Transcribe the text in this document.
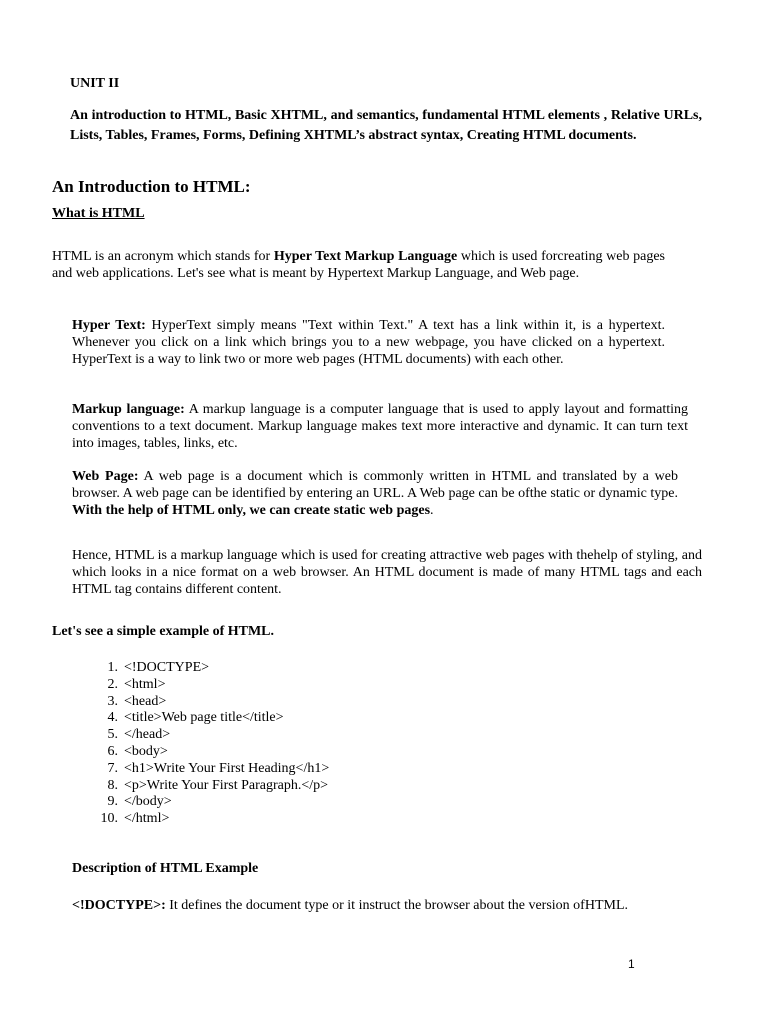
UNIT II

An introduction to HTML, Basic XHTML, and semantics, fundamental HTML elements , Relative URLs, Lists, Tables, Frames, Forms, Defining XHTML’s abstract syntax, Creating HTML documents.

An Introduction to HTML:

What is HTML

HTML is an acronym which stands for Hyper Text Markup Language which is used forcreating web pages and web applications. Let's see what is meant by Hypertext Markup Language, and Web page.

Hyper Text: HyperText simply means "Text within Text." A text has a link within it, is a hypertext. Whenever you click on a link which brings you to a new webpage, you have clicked on a hypertext. HyperText is a way to link two or more web pages (HTML documents) with each other.

Markup language: A markup language is a computer language that is used to apply layout and formatting conventions to a text document. Markup language makes text more interactive and dynamic. It can turn text into images, tables, links, etc.

Web Page: A web page is a document which is commonly written in HTML and translated by a web browser. A web page can be identified by entering an URL. A Web page can be ofthe static or dynamic type. With the help of HTML only, we can create static web pages.

Hence, HTML is a markup language which is used for creating attractive web pages with thehelp of styling, and which looks in a nice format on a web browser. An HTML document is made of many HTML tags and each HTML tag contains different content.

Let's see a simple example of HTML.

1. <!DOCTYPE>
2. <html>
3. <head>
4. <title>Web page title</title>
5. </head>
6. <body>
7. <h1>Write Your First Heading</h1>
8. <p>Write Your First Paragraph.</p>
9. </body>
10. </html>

Description of HTML Example

<!DOCTYPE>: It defines the document type or it instruct the browser about the version ofHTML.

1
